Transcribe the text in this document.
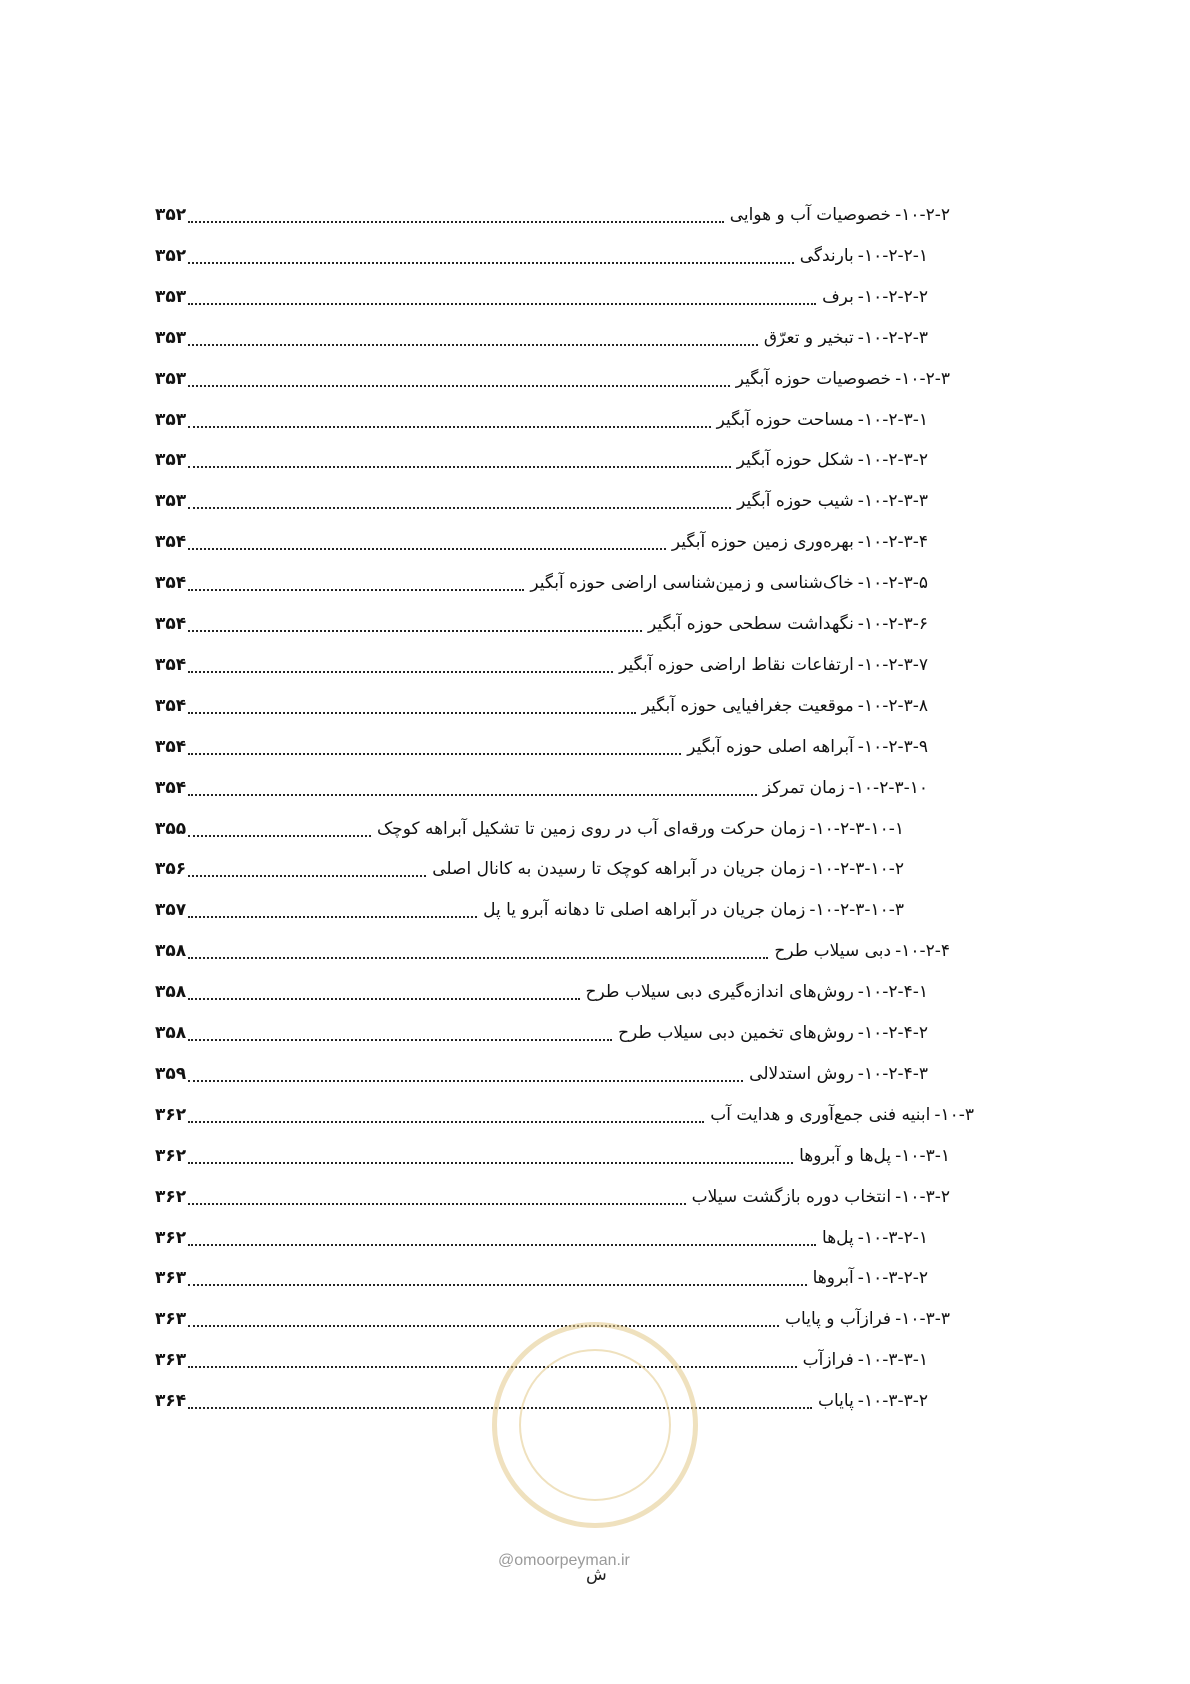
۱۰-۲-۲-
خصوصیات آب و هوایی
۳۵۲
۱۰-۲-۲-۱-
بارندگی
۳۵۲
۱۰-۲-۲-۲-
برف
۳۵۳
۱۰-۲-۲-۳-
تبخیر و تعرّق
۳۵۳
۱۰-۲-۳-
خصوصیات حوزه آبگیر
۳۵۳
۱۰-۲-۳-۱-
مساحت حوزه آبگیر
۳۵۳
۱۰-۲-۳-۲-
شکل حوزه آبگیر
۳۵۳
۱۰-۲-۳-۳-
شیب حوزه آبگیر
۳۵۳
۱۰-۲-۳-۴-
بهره‌وری زمین حوزه آبگیر
۳۵۴
۱۰-۲-۳-۵-
خاک‌شناسی و زمین‌شناسی اراضی حوزه آبگیر
۳۵۴
۱۰-۲-۳-۶-
نگهداشت سطحی حوزه آبگیر
۳۵۴
۱۰-۲-۳-۷-
ارتفاعات نقاط اراضی حوزه آبگیر
۳۵۴
۱۰-۲-۳-۸-
موقعیت جغرافیایی حوزه آبگیر
۳۵۴
۱۰-۲-۳-۹-
آبراهه اصلی حوزه آبگیر
۳۵۴
۱۰-۲-۳-۱۰-
زمان تمرکز
۳۵۴
۱۰-۲-۳-۱۰-۱-
زمان حرکت ورقه‌ای آب در روی زمین تا تشکیل آبراهه کوچک
۳۵۵
۱۰-۲-۳-۱۰-۲-
زمان جریان در آبراهه کوچک تا رسیدن به کانال اصلی
۳۵۶
۱۰-۲-۳-۱۰-۳-
زمان جریان در آبراهه اصلی تا دهانه آبرو یا پل
۳۵۷
۱۰-۲-۴-
دبی سیلاب طرح
۳۵۸
۱۰-۲-۴-۱-
روش‌های اندازه‌گیری دبی سیلاب طرح
۳۵۸
۱۰-۲-۴-۲-
روش‌های تخمین دبی سیلاب طرح
۳۵۸
۱۰-۲-۴-۳-
روش استدلالی
۳۵۹
۱۰-۳-
ابنیه فنی جمع‌آوری و هدایت آب
۳۶۲
۱۰-۳-۱-
پل‌ها و آبروها
۳۶۲
۱۰-۳-۲-
انتخاب دوره بازگشت سیلاب
۳۶۲
۱۰-۳-۲-۱-
پل‌ها
۳۶۲
۱۰-۳-۲-۲-
آبروها
۳۶۳
۱۰-۳-۳-
فرازآب و پایاب
۳۶۳
۱۰-۳-۳-۱-
فرازآب
۳۶۳
۱۰-۳-۳-۲-
پایاب
۳۶۴
@omoorpeyman.ir
ش
